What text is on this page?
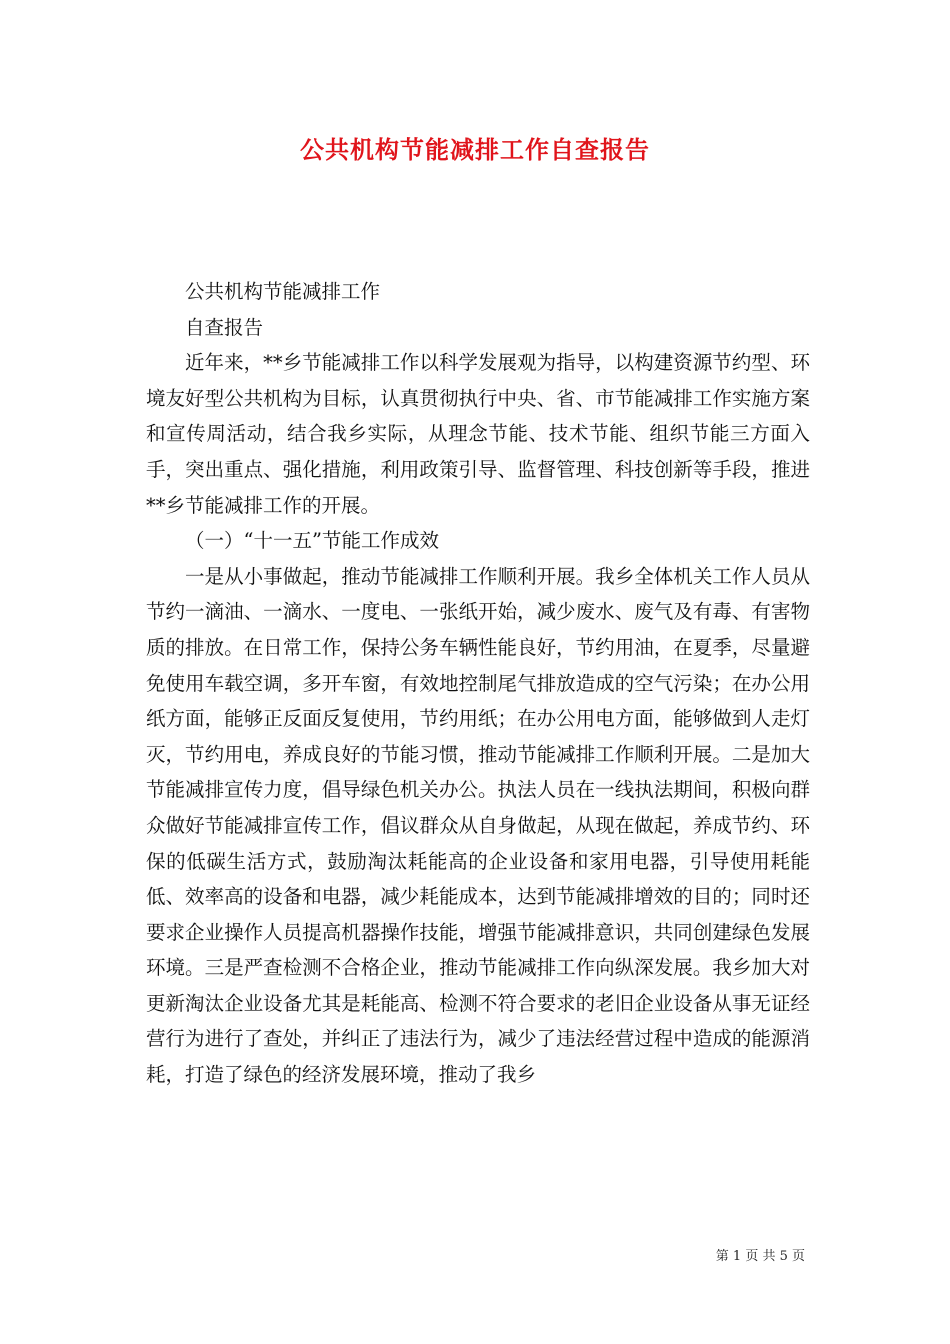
公共机构节能减排工作自查报告

公共机构节能减排工作

自查报告

近年来，**乡节能减排工作以科学发展观为指导，以构建资源节约型、环境友好型公共机构为目标，认真贯彻执行中央、省、市节能减排工作实施方案和宣传周活动，结合我乡实际，从理念节能、技术节能、组织节能三方面入手，突出重点、强化措施，利用政策引导、监督管理、科技创新等手段，推进**乡节能减排工作的开展。

（一）“十一五”节能工作成效

一是从小事做起，推动节能减排工作顺利开展。我乡全体机关工作人员从节约一滴油、一滴水、一度电、一张纸开始，减少废水、废气及有毒、有害物质的排放。在日常工作，保持公务车辆性能良好，节约用油，在夏季，尽量避免使用车载空调，多开车窗，有效地控制尾气排放造成的空气污染；在办公用纸方面，能够正反面反复使用，节约用纸；在办公用电方面，能够做到人走灯灭，节约用电，养成良好的节能习惯，推动节能减排工作顺利开展。二是加大节能减排宣传力度，倡导绿色机关办公。执法人员在一线执法期间，积极向群众做好节能减排宣传工作，倡议群众从自身做起，从现在做起，养成节约、环保的低碳生活方式，鼓励淘汰耗能高的企业设备和家用电器，引导使用耗能低、效率高的设备和电器，减少耗能成本，达到节能减排增效的目的；同时还要求企业操作人员提高机器操作技能，增强节能减排意识，共同创建绿色发展环境。三是严查检测不合格企业，推动节能减排工作向纵深发展。我乡加大对更新淘汰企业设备尤其是耗能高、检测不符合要求的老旧企业设备从事无证经营行为进行了查处，并纠正了违法行为，减少了违法经营过程中造成的能源消耗，打造了绿色的经济发展环境，推动了我乡

第 1 页 共 5 页
